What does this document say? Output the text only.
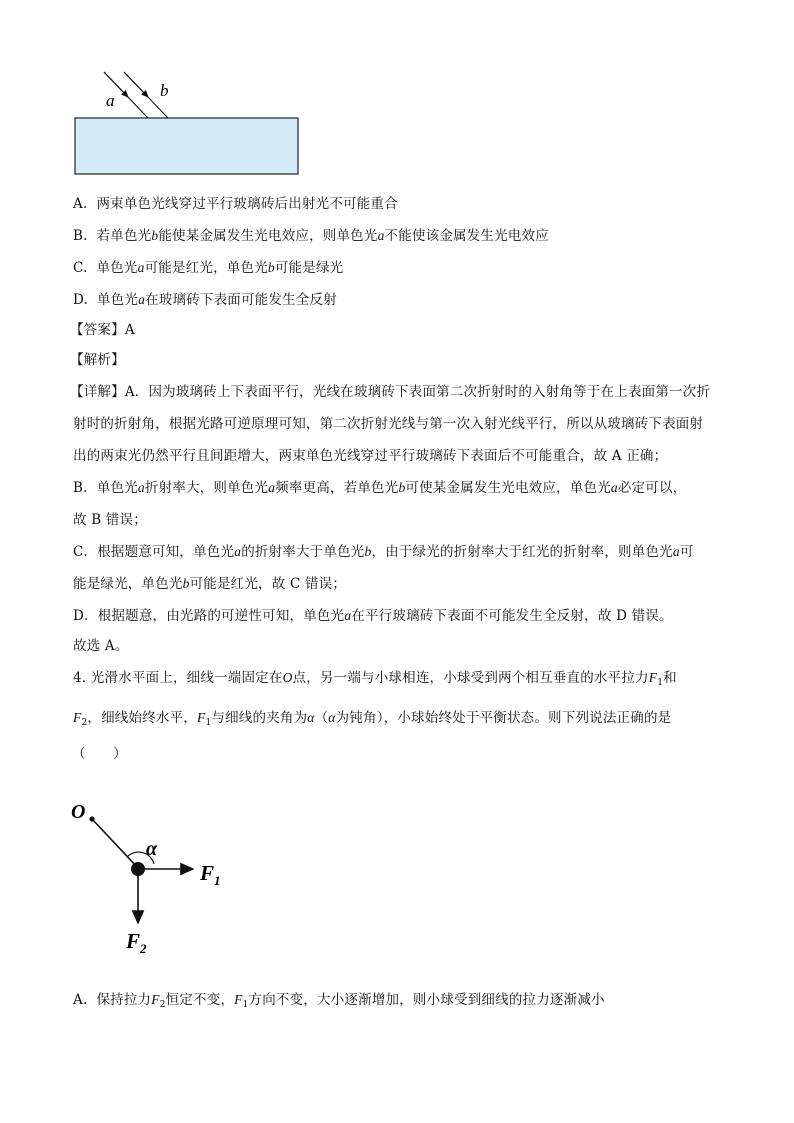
a
b
A. 两束单色光线穿过平行玻璃砖后出射光不可能重合
B. 若单色光b能使某金属发生光电效应，则单色光a不能使该金属发生光电效应
C. 单色光a可能是红光，单色光b可能是绿光
D. 单色光a在玻璃砖下表面可能发生全反射
【答案】A
【解析】
【详解】A．因为玻璃砖上下表面平行，光线在玻璃砖下表面第二次折射时的入射角等于在上表面第一次折
射时的折射角，根据光路可逆原理可知，第二次折射光线与第一次入射光线平行，所以从玻璃砖下表面射
出的两束光仍然平行且间距增大，两束单色光线穿过平行玻璃砖下表面后不可能重合，故 A 正确；
B．单色光a折射率大，则单色光a频率更高，若单色光b可使某金属发生光电效应，单色光a必定可以，
故 B 错误；
C．根据题意可知，单色光a的折射率大于单色光b，由于绿光的折射率大于红光的折射率，则单色光a可
能是绿光，单色光b可能是红光，故 C 错误；
D．根据题意，由光路的可逆性可知，单色光a在平行玻璃砖下表面不可能发生全反射，故 D 错误。
故选 A。
4. 光滑水平面上，细线一端固定在O点，另一端与小球相连，小球受到两个相互垂直的水平拉力$F_1$和
$F_2$，细线始终水平，$F_1$与细线的夹角为α（α为钝角），小球始终处于平衡状态。则下列说法正确的是
（　　）
O
α
$F_1$
$F_2$
A. 保持拉力$F_2$恒定不变，$F_1$方向不变，大小逐渐增加，则小球受到细线的拉力逐渐减小
